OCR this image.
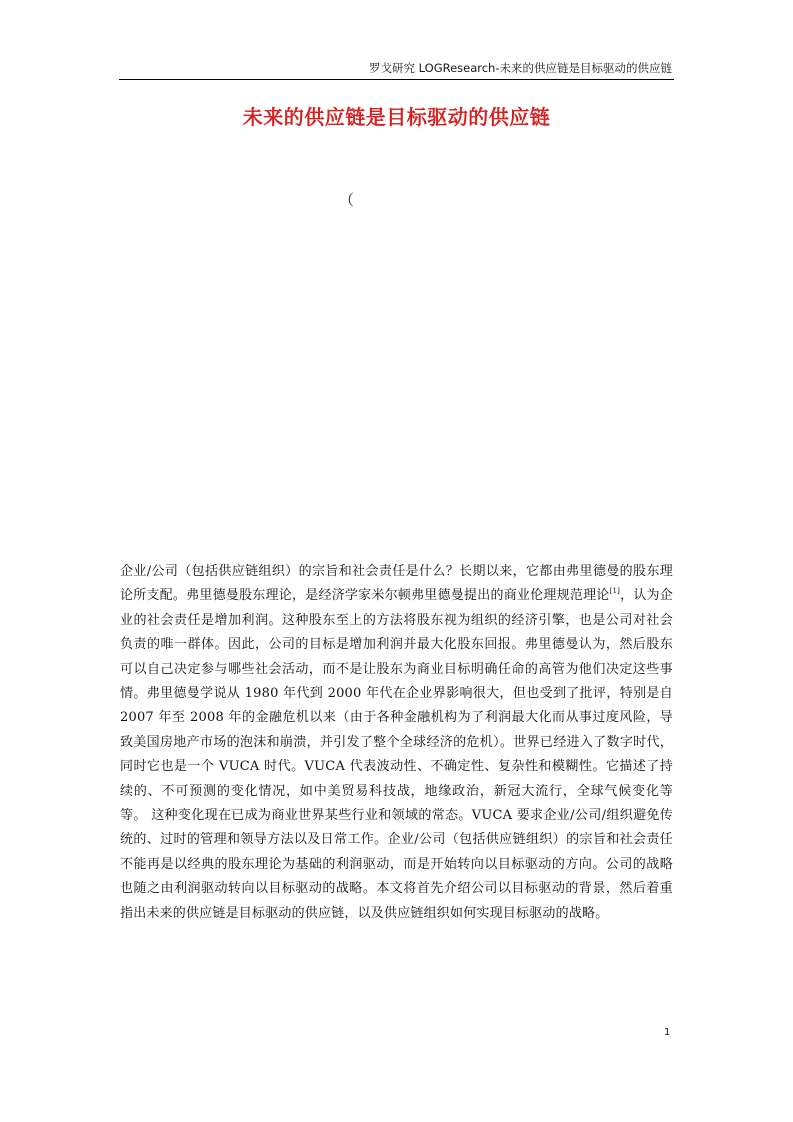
罗戈研究 LOGResearch-未来的供应链是目标驱动的供应链
未来的供应链是目标驱动的供应链
（

企业/公司（包括供应链组织）的宗旨和社会责任是什么？长期以来，它都由弗里德曼的股东理论所支配。弗里德曼股东理论，是经济学家米尔顿弗里德曼提出的商业伦理规范理论[1]，认为企业的社会责任是增加利润。这种股东至上的方法将股东视为组织的经济引擎，也是公司对社会负责的唯一群体。因此，公司的目标是增加利润并最大化股东回报。弗里德曼认为，然后股东可以自己决定参与哪些社会活动，而不是让股东为商业目标明确任命的高管为他们决定这些事情。弗里德曼学说从 1980 年代到 2000 年代在企业界影响很大，但也受到了批评，特别是自 2007 年至 2008 年的金融危机以来（由于各种金融机构为了利润最大化而从事过度风险，导致美国房地产市场的泡沫和崩溃，并引发了整个全球经济的危机）。世界已经进入了数字时代，同时它也是一个 VUCA 时代。VUCA 代表波动性、不确定性、复杂性和模糊性。它描述了持续的、不可预测的变化情况，如中美贸易科技战，地缘政治，新冠大流行，全球气候变化等等。 这种变化现在已成为商业世界某些行业和领域的常态。VUCA 要求企业/公司/组织避免传统的、过时的管理和领导方法以及日常工作。企业/公司（包括供应链组织）的宗旨和社会责任不能再是以经典的股东理论为基础的利润驱动，而是开始转向以目标驱动的方向。公司的战略也随之由利润驱动转向以目标驱动的战略。本文将首先介绍公司以目标驱动的背景，然后着重指出未来的供应链是目标驱动的供应链，以及供应链组织如何实现目标驱动的战略。

1
